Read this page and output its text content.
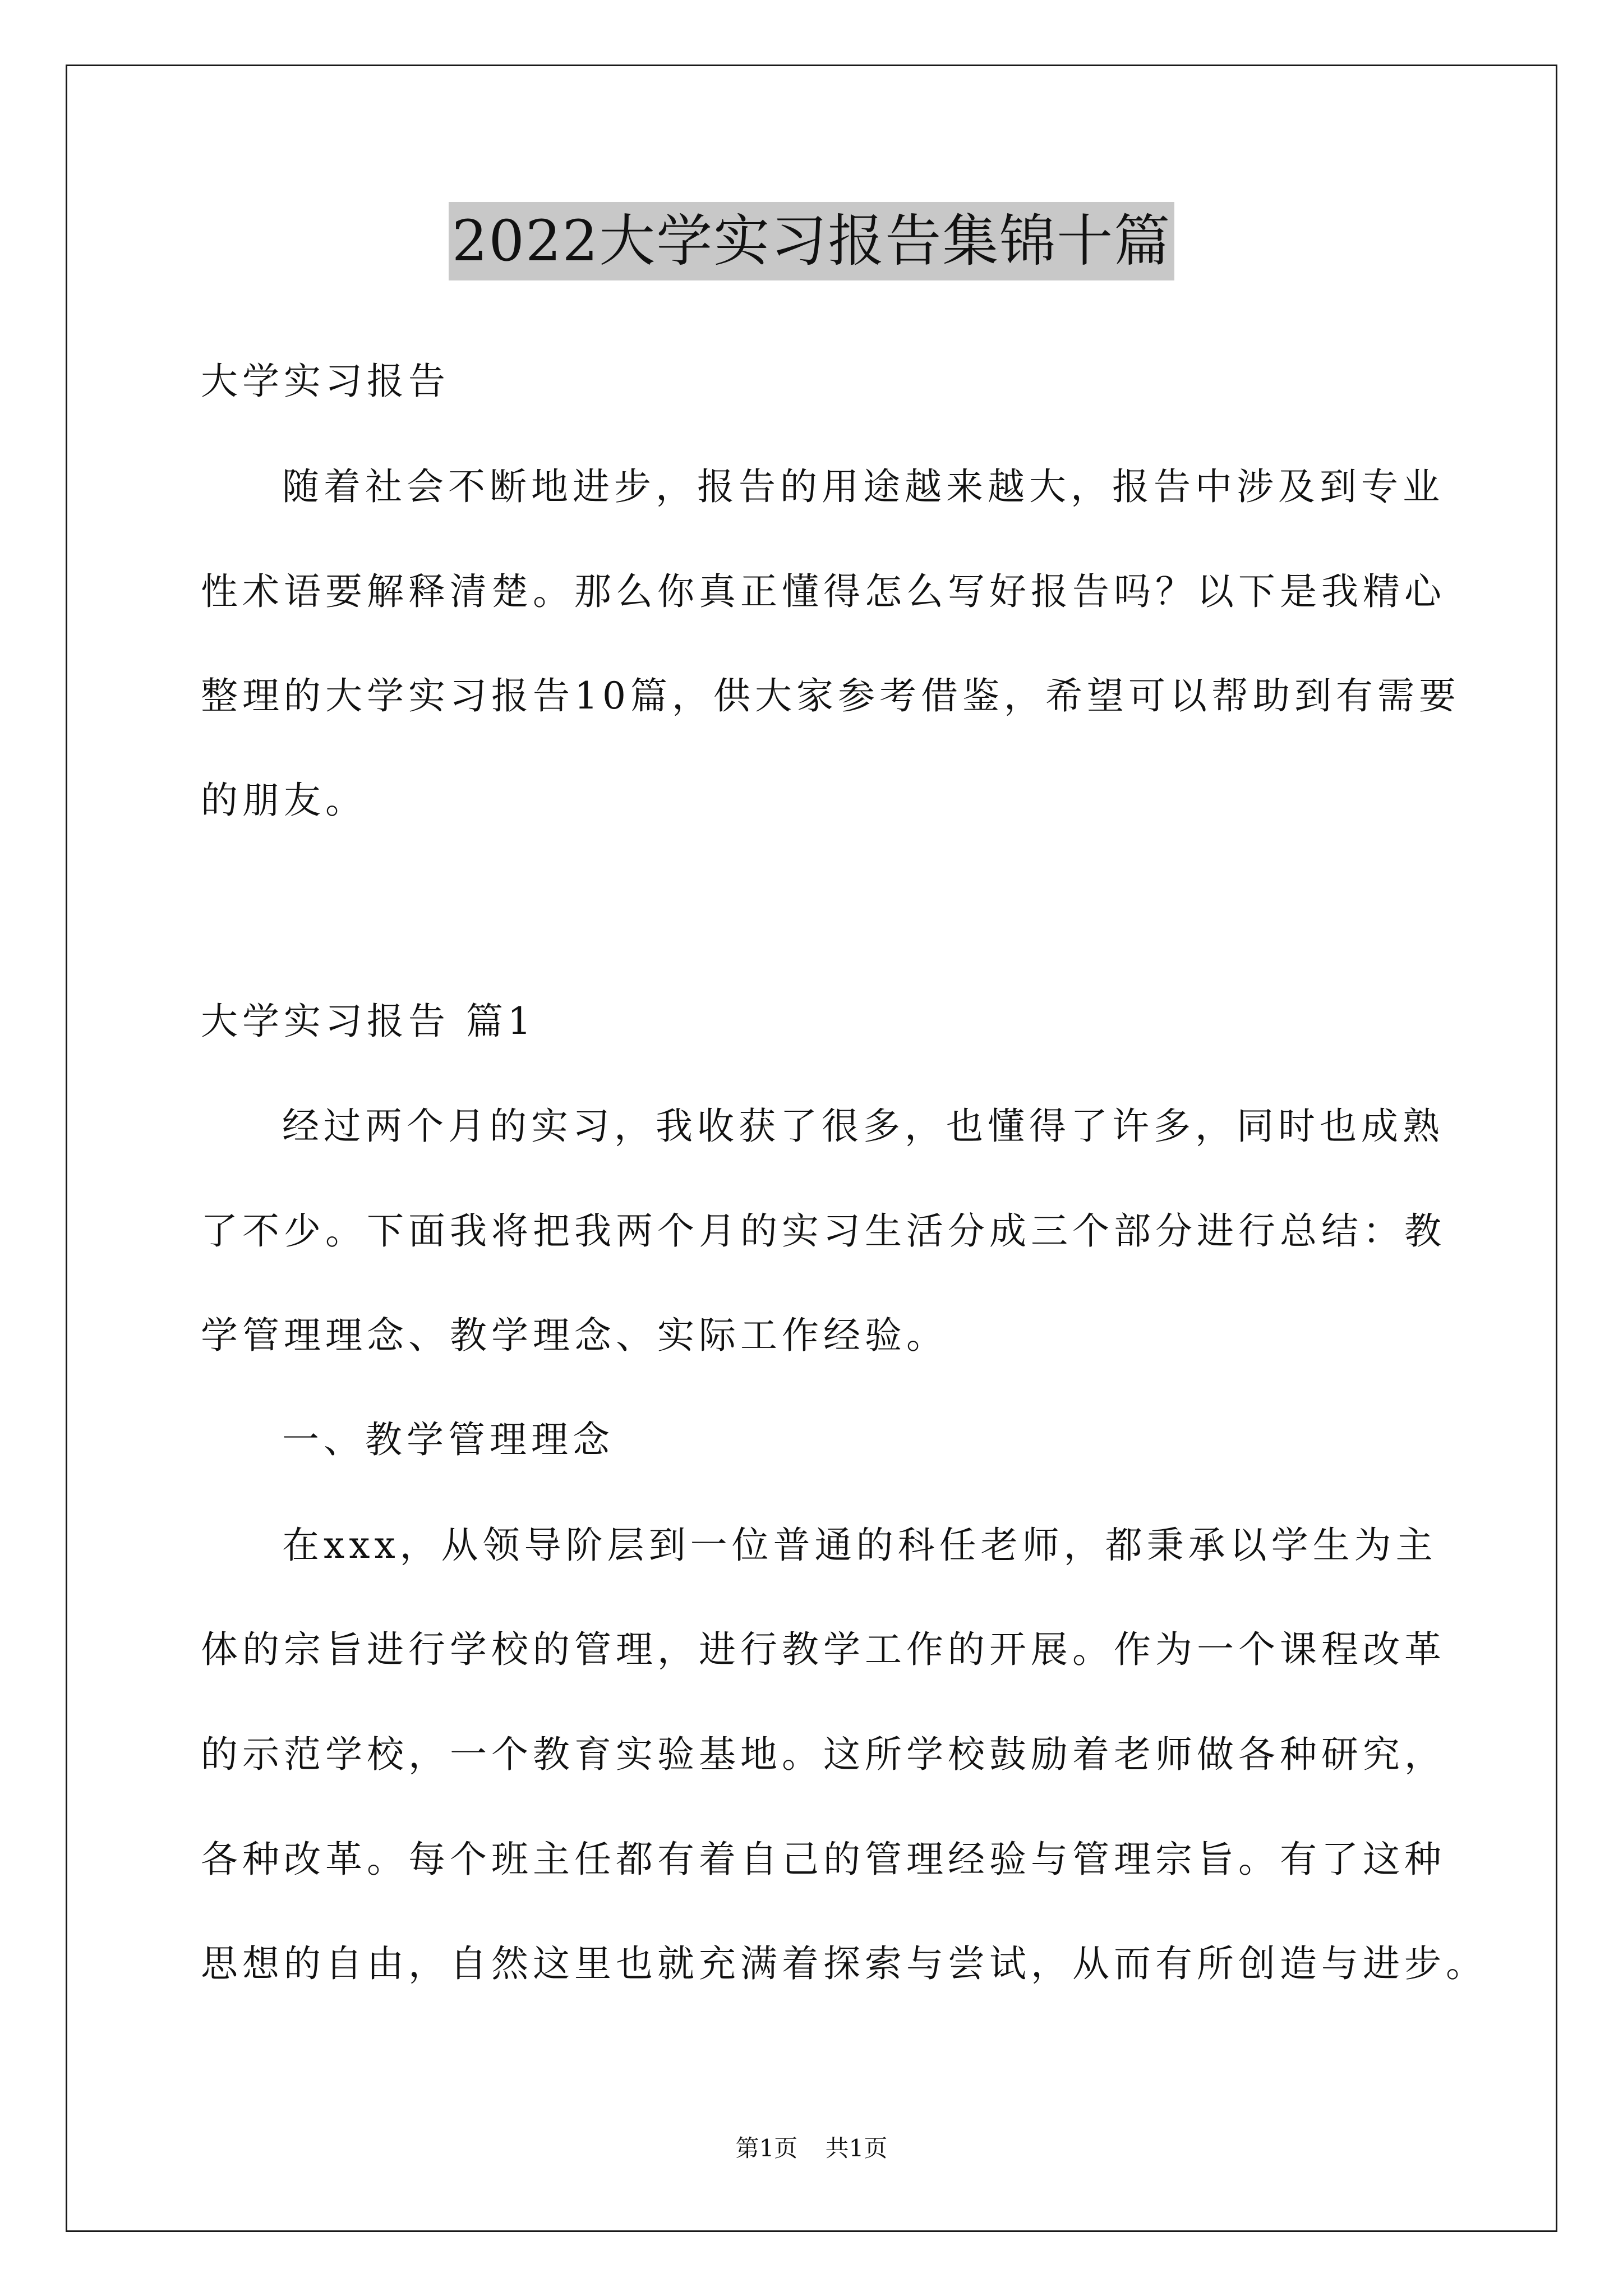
2022大学实习报告集锦十篇
大学实习报告
随着社会不断地进步，报告的用途越来越大，报告中涉及到专业
性术语要解释清楚。那么你真正懂得怎么写好报告吗？以下是我精心
整理的大学实习报告10篇，供大家参考借鉴，希望可以帮助到有需要
的朋友。
大学实习报告 篇1
经过两个月的实习，我收获了很多，也懂得了许多，同时也成熟
了不少。下面我将把我两个月的实习生活分成三个部分进行总结：教
学管理理念、教学理念、实际工作经验。
一、教学管理理念
在xxx，从领导阶层到一位普通的科任老师，都秉承以学生为主
体的宗旨进行学校的管理，进行教学工作的开展。作为一个课程改革
的示范学校，一个教育实验基地。这所学校鼓励着老师做各种研究，
各种改革。每个班主任都有着自己的管理经验与管理宗旨。有了这种
思想的自由，自然这里也就充满着探索与尝试，从而有所创造与进步。
第1页 共1页
